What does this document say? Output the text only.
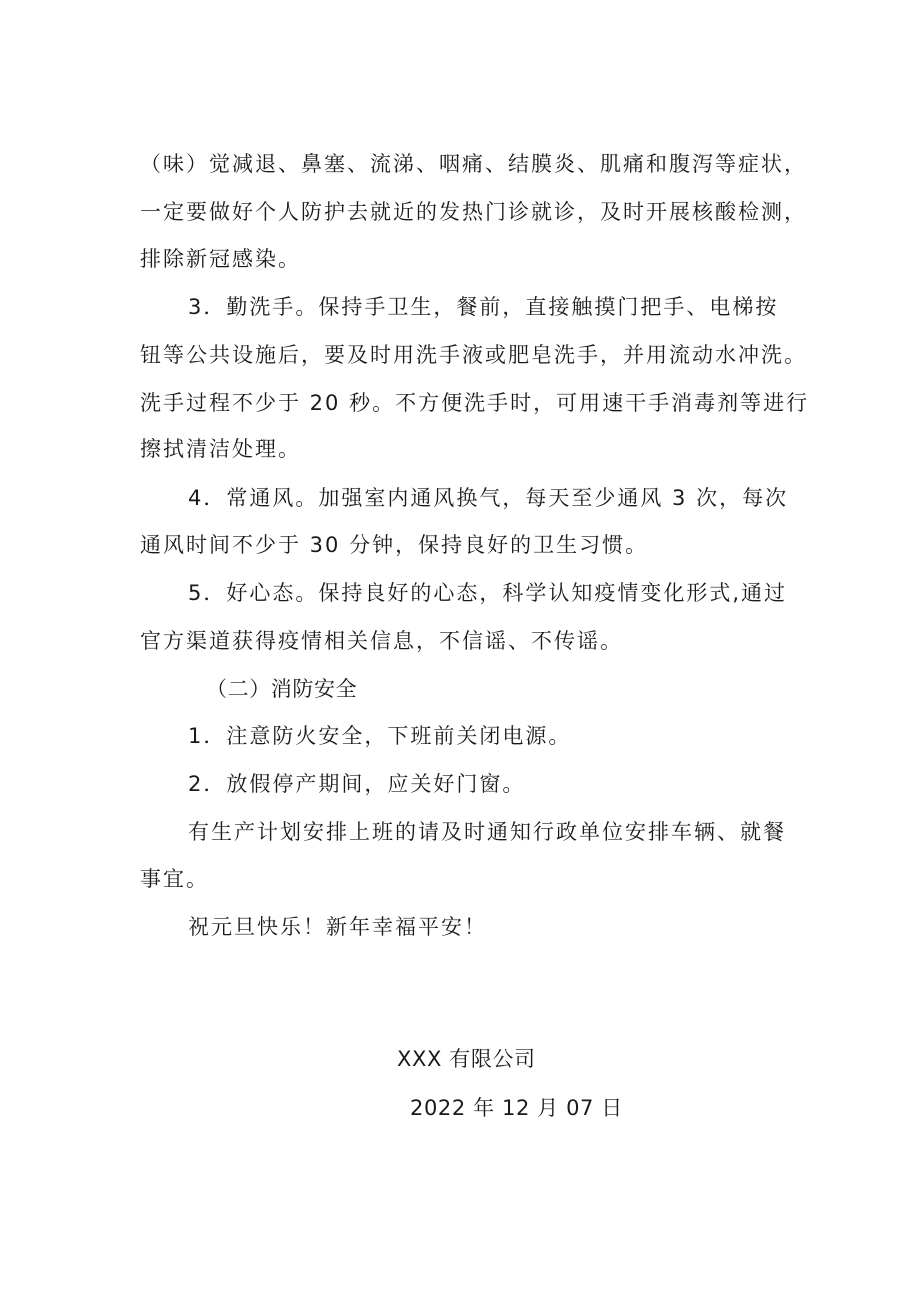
（味）觉减退、鼻塞、流涕、咽痛、结膜炎、肌痛和腹泻等症状，

一定要做好个人防护去就近的发热门诊就诊，及时开展核酸检测，

排除新冠感染。

3．勤洗手。保持手卫生，餐前，直接触摸门把手、电梯按

钮等公共设施后，要及时用洗手液或肥皂洗手，并用流动水冲洗。

洗手过程不少于 20 秒。不方便洗手时，可用速干手消毒剂等进行

擦拭清洁处理。

4．常通风。加强室内通风换气，每天至少通风 3 次，每次

通风时间不少于 30 分钟，保持良好的卫生习惯。

5．好心态。保持良好的心态，科学认知疫情变化形式,通过

官方渠道获得疫情相关信息，不信谣、不传谣。

（二）消防安全

1．注意防火安全，下班前关闭电源。

2．放假停产期间，应关好门窗。

有生产计划安排上班的请及时通知行政单位安排车辆、就餐

事宜。

祝元旦快乐！新年幸福平安！

XXX 有限公司

2022 年 12 月 07 日
